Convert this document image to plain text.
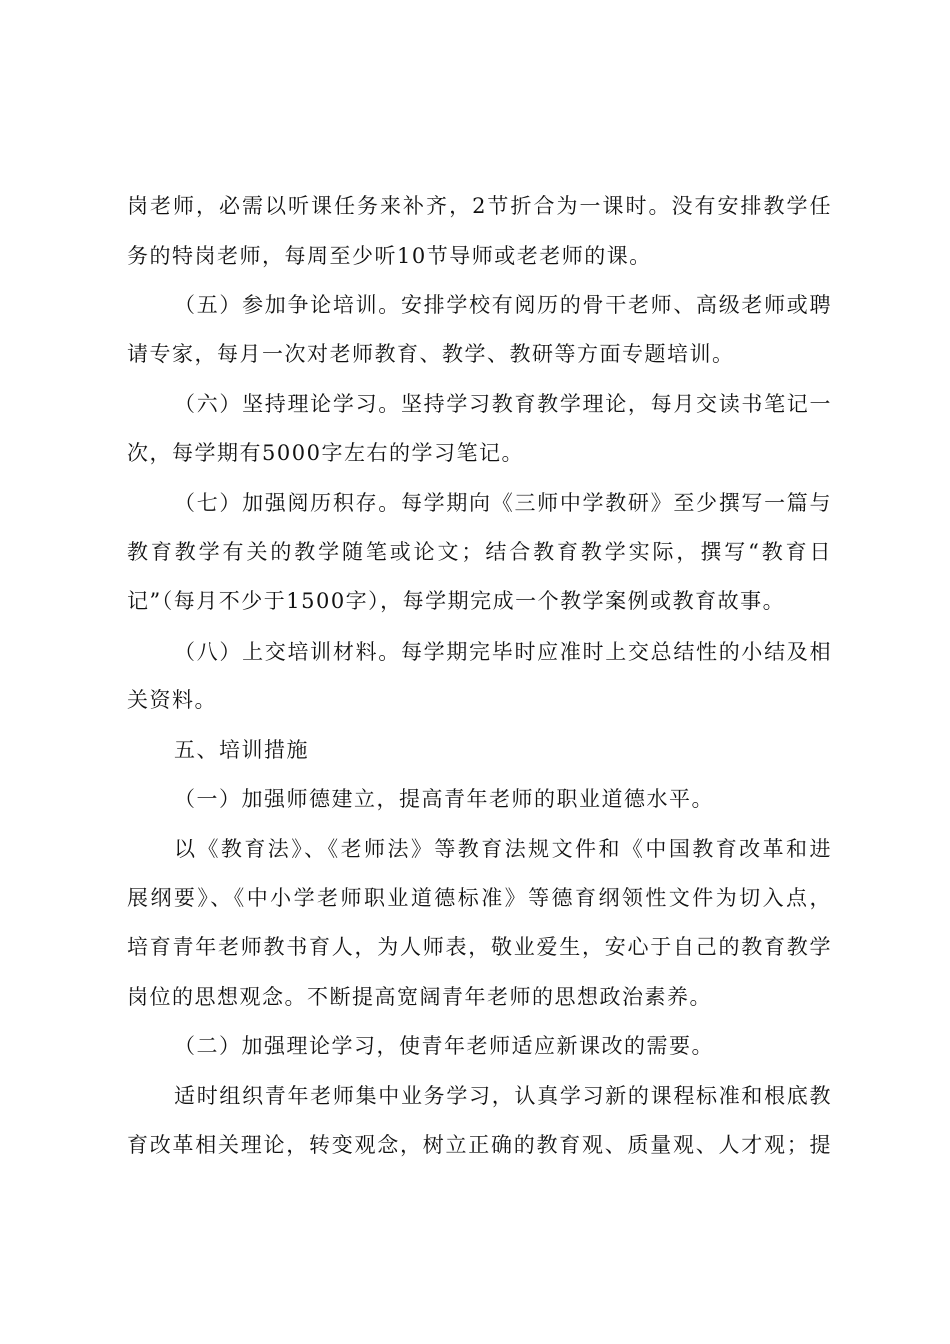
岗老师，必需以听课任务来补齐，2节折合为一课时。没有安排教学任
务的特岗老师，每周至少听10节导师或老老师的课。
（五）参加争论培训。安排学校有阅历的骨干老师、高级老师或聘
请专家，每月一次对老师教育、教学、教研等方面专题培训。
（六）坚持理论学习。坚持学习教育教学理论，每月交读书笔记一
次，每学期有5000字左右的学习笔记。
（七）加强阅历积存。每学期向《三师中学教研》至少撰写一篇与
教育教学有关的教学随笔或论文；结合教育教学实际，撰写“教育日
记”（每月不少于1500字），每学期完成一个教学案例或教育故事。
（八）上交培训材料。每学期完毕时应准时上交总结性的小结及相
关资料。
五、培训措施
（一）加强师德建立，提高青年老师的职业道德水平。
以《教育法》、《老师法》等教育法规文件和《中国教育改革和进
展纲要》、《中小学老师职业道德标准》等德育纲领性文件为切入点，
培育青年老师教书育人，为人师表，敬业爱生，安心于自己的教育教学
岗位的思想观念。不断提高宽阔青年老师的思想政治素养。
（二）加强理论学习，使青年老师适应新课改的需要。
适时组织青年老师集中业务学习，认真学习新的课程标准和根底教
育改革相关理论，转变观念，树立正确的教育观、质量观、人才观；提
